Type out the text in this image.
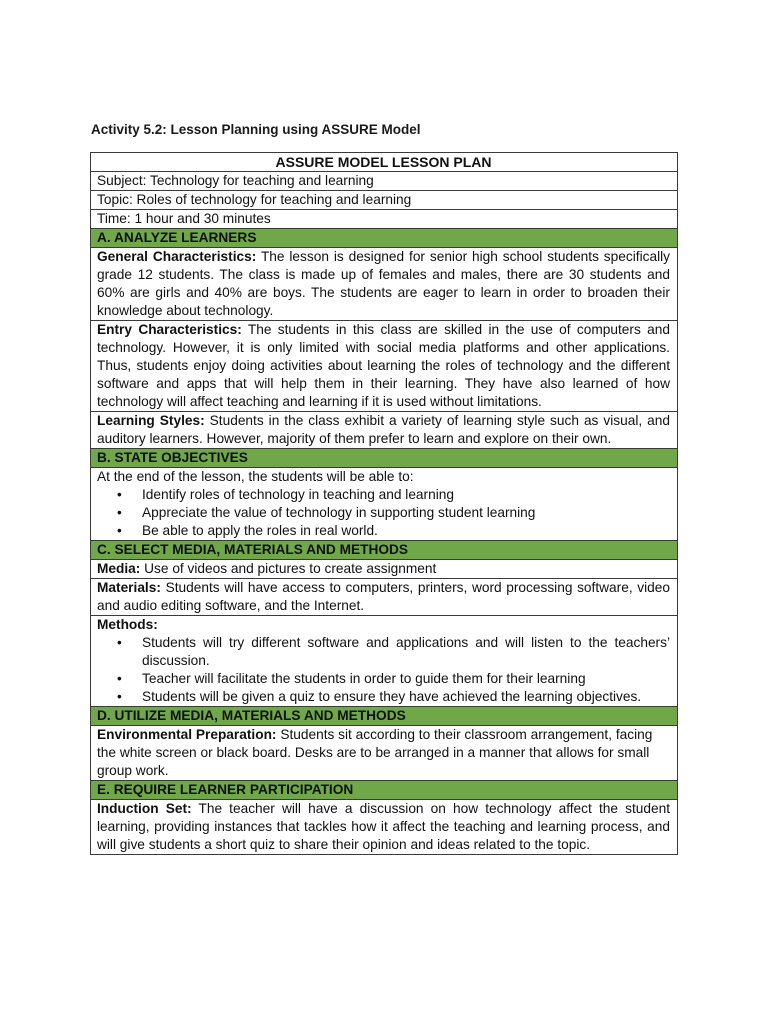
Activity 5.2: Lesson Planning using ASSURE Model
ASSURE MODEL LESSON PLAN
Subject: Technology for teaching and learning
Topic: Roles of technology for teaching and learning
Time: 1 hour and 30 minutes
A. ANALYZE LEARNERS
General Characteristics: The lesson is designed for senior high school students specifically grade 12 students. The class is made up of females and males, there are 30 students and 60% are girls and 40% are boys. The students are eager to learn in order to broaden their knowledge about technology.
Entry Characteristics: The students in this class are skilled in the use of computers and technology. However, it is only limited with social media platforms and other applications. Thus, students enjoy doing activities about learning the roles of technology and the different software and apps that will help them in their learning. They have also learned of how technology will affect teaching and learning if it is used without limitations.
Learning Styles: Students in the class exhibit a variety of learning style such as visual, and auditory learners. However, majority of them prefer to learn and explore on their own.
B. STATE OBJECTIVES

At the end of the lesson, the students will be able to:
• Identify roles of technology in teaching and learning
• Appreciate the value of technology in supporting student learning
• Be able to apply the roles in real world.

C. SELECT MEDIA, MATERIALS AND METHODS
Media: Use of videos and pictures to create assignment
Materials: Students will have access to computers, printers, word processing software, video and audio editing software, and the Internet.

Methods:
• Students will try different software and applications and will listen to the teachers’ discussion.
• Teacher will facilitate the students in order to guide them for their learning
• Students will be given a quiz to ensure they have achieved the learning objectives.

D. UTILIZE MEDIA, MATERIALS AND METHODS
Environmental Preparation: Students sit according to their classroom arrangement, facing the white screen or black board. Desks are to be arranged in a manner that allows for small group work.
E. REQUIRE LEARNER PARTICIPATION
Induction Set: The teacher will have a discussion on how technology affect the student learning, providing instances that tackles how it affect the teaching and learning process, and will give students a short quiz to share their opinion and ideas related to the topic.
